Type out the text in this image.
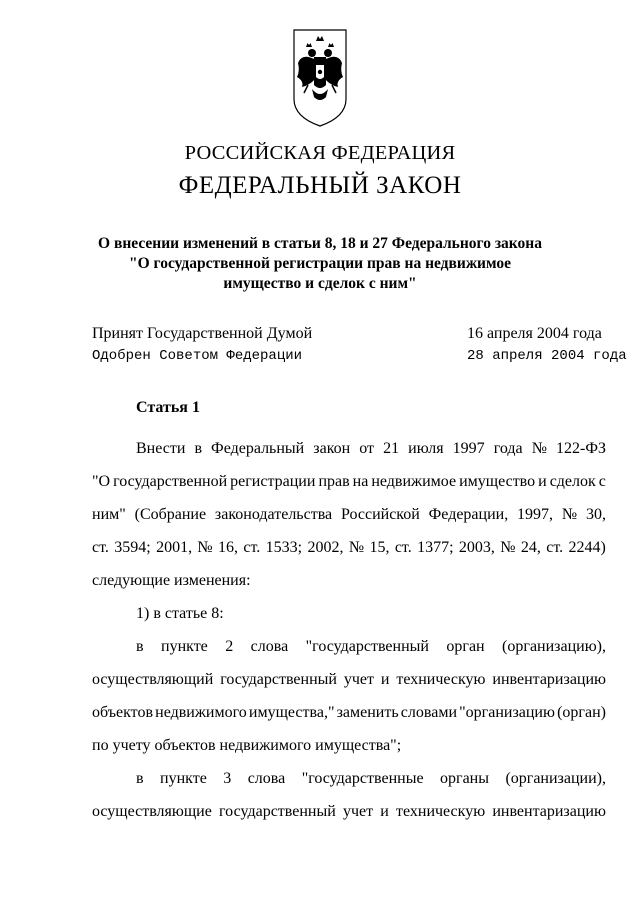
РОССИЙСКАЯ ФЕДЕРАЦИЯ
ФЕДЕРАЛЬНЫЙ ЗАКОН
О внесении изменений в статьи 8, 18 и 27 Федерального закона
"О государственной регистрации прав на недвижимое
имущество и сделок с ним"
Принят Государственной Думой	16 апреля 2004 года
Одобрен Советом Федерации	28 апреля 2004 года
Статья 1
Внести в Федеральный закон от 21 июля 1997 года № 122-ФЗ
"О государственной регистрации прав на недвижимое имущество и сделок с
ним" (Собрание законодательства Российской Федерации, 1997, № 30,
ст. 3594; 2001, № 16, ст. 1533; 2002, № 15, ст. 1377; 2003, № 24, ст. 2244)
следующие изменения:
1) в статье 8:
в пункте 2 слова "государственный орган (организацию),
осуществляющий государственный учет и техническую инвентаризацию
объектов недвижимого имущества," заменить словами "организацию (орган)
по учету объектов недвижимого имущества";
в пункте 3 слова "государственные органы (организации),
осуществляющие государственный учет и техническую инвентаризацию
